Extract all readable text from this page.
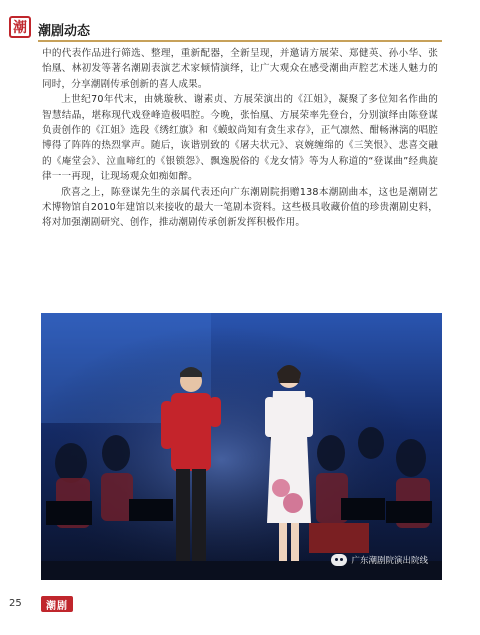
潮 潮剧动态

中的代表作品进行筛选、整理，重新配器，全新呈现，并邀请方展荣、郑健英、孙小华、张怡凰、林初发等著名潮剧表演艺术家倾情演绎，让广大观众在感受潮曲声腔艺术迷人魅力的同时，分享潮剧传承创新的喜人成果。

上世纪70年代末，由姚璇秋、谢素贞、方展荣演出的《江姐》，凝聚了多位知名作曲的智慧结晶，堪称现代戏登峰造极唱腔。今晚，张怡凰、方展荣率先登台，分别演绎由陈登谋负责创作的《江姐》选段《绣红旗》和《蟆蚁尚知有贪生求存》，正气凛然、酣畅淋漓的唱腔博得了阵阵的热烈掌声。随后，诙谐别致的《屠夫状元》、哀婉缠绵的《三笑恨》、悲喜交融的《庵堂会》、泣血啼红的《银锁怨》、飘逸脱俗的《龙女情》等为人称道的“登谋曲”经典旋律一一再现，让现场观众如痴如醉。

欣喜之上，陈登谋先生的亲属代表还向广东潮剧院捐赠138本潮剧曲本，这也是潮剧艺术博物馆自2010年建馆以来接收的最大一笔剧本资料。这些极具收藏价值的珍贵潮剧史料，将对加强潮剧研究、创作，推动潮剧传承创新发挥积极作用。

广东潮剧院演出院线
25	潮剧
